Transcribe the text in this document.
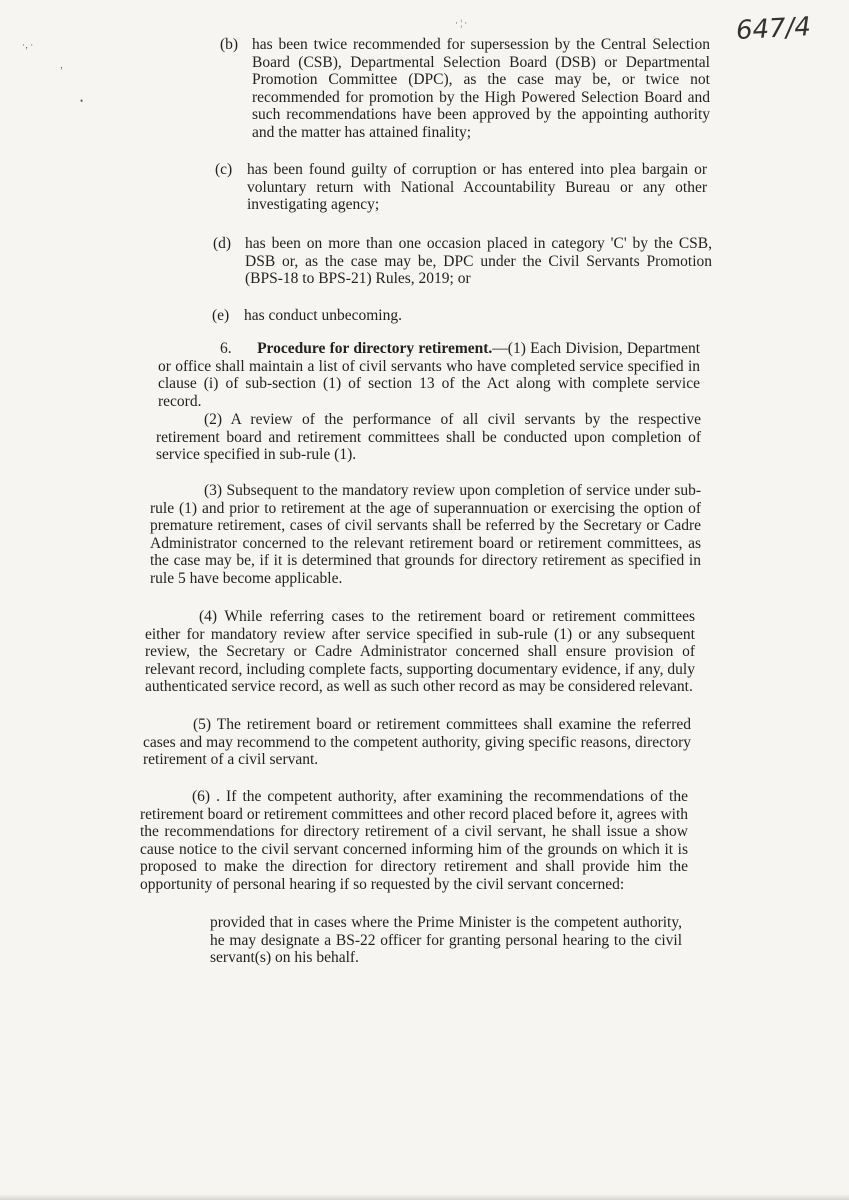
647/4
·‚ ·
‚
•
· ¦ ·
(b) has been twice recommended for supersession by the Central Selection Board (CSB), Departmental Selection Board (DSB) or Departmental Promotion Committee (DPC), as the case may be, or twice not recommended for promotion by the High Powered Selection Board and such recommendations have been approved by the appointing authority and the matter has attained finality;
(c) has been found guilty of corruption or has entered into plea bargain or voluntary return with National Accountability Bureau or any other investigating agency;
(d) has been on more than one occasion placed in category 'C' by the CSB, DSB or, as the case may be, DPC under the Civil Servants Promotion (BPS-18 to BPS-21) Rules, 2019; or
(e) has conduct unbecoming.
6. Procedure for directory retirement.—(1) Each Division, Department or office shall maintain a list of civil servants who have completed service specified in clause (i) of sub-section (1) of section 13 of the Act along with complete service record.
(2) A review of the performance of all civil servants by the respective retirement board and retirement committees shall be conducted upon completion of service specified in sub-rule (1).
(3) Subsequent to the mandatory review upon completion of service under sub-rule (1) and prior to retirement at the age of superannuation or exercising the option of premature retirement, cases of civil servants shall be referred by the Secretary or Cadre Administrator concerned to the relevant retirement board or retirement committees, as the case may be, if it is determined that grounds for directory retirement as specified in rule 5 have become applicable.
(4) While referring cases to the retirement board or retirement committees either for mandatory review after service specified in sub-rule (1) or any subsequent review, the Secretary or Cadre Administrator concerned shall ensure provision of relevant record, including complete facts, supporting documentary evidence, if any, duly authenticated service record, as well as such other record as may be considered relevant.
(5) The retirement board or retirement committees shall examine the referred cases and may recommend to the competent authority, giving specific reasons, directory retirement of a civil servant.
(6) . If the competent authority, after examining the recommendations of the retirement board or retirement committees and other record placed before it, agrees with the recommendations for directory retirement of a civil servant, he shall issue a show cause notice to the civil servant concerned informing him of the grounds on which it is proposed to make the direction for directory retirement and shall provide him the opportunity of personal hearing if so requested by the civil servant concerned:
provided that in cases where the Prime Minister is the competent authority, he may designate a BS-22 officer for granting personal hearing to the civil servant(s) on his behalf.
